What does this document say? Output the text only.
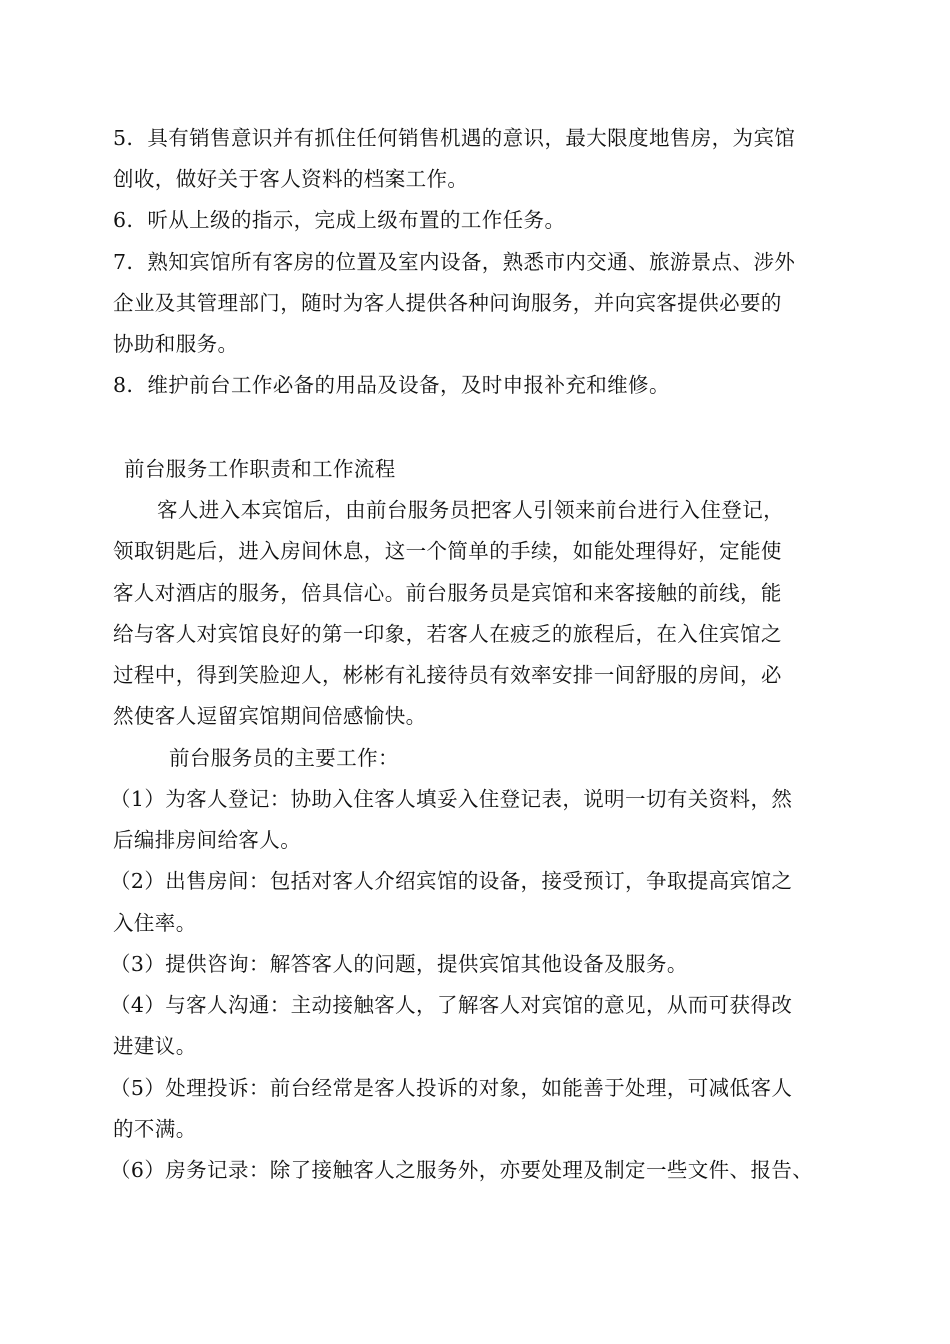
5．具有销售意识并有抓住任何销售机遇的意识，最大限度地售房，为宾馆
创收，做好关于客人资料的档案工作。
6．听从上级的指示，完成上级布置的工作任务。
7．熟知宾馆所有客房的位置及室内设备，熟悉市内交通、旅游景点、涉外
企业及其管理部门，随时为客人提供各种问询服务，并向宾客提供必要的
协助和服务。
8．维护前台工作必备的用品及设备，及时申报补充和维修。
前台服务工作职责和工作流程
客人进入本宾馆后，由前台服务员把客人引领来前台进行入住登记，
领取钥匙后，进入房间休息，这一个简单的手续，如能处理得好，定能使
客人对酒店的服务，倍具信心。前台服务员是宾馆和来客接触的前线，能
给与客人对宾馆良好的第一印象，若客人在疲乏的旅程后，在入住宾馆之
过程中，得到笑脸迎人，彬彬有礼接待员有效率安排一间舒服的房间，必
然使客人逗留宾馆期间倍感愉快。
前台服务员的主要工作：
（1）为客人登记：协助入住客人填妥入住登记表，说明一切有关资料，然
后编排房间给客人。
（2）出售房间：包括对客人介绍宾馆的设备，接受预订，争取提高宾馆之
入住率。
（3）提供咨询：解答客人的问题，提供宾馆其他设备及服务。
（4）与客人沟通：主动接触客人，了解客人对宾馆的意见，从而可获得改
进建议。
（5）处理投诉：前台经常是客人投诉的对象，如能善于处理，可减低客人
的不满。
（6）房务记录：除了接触客人之服务外，亦要处理及制定一些文件、报告、
